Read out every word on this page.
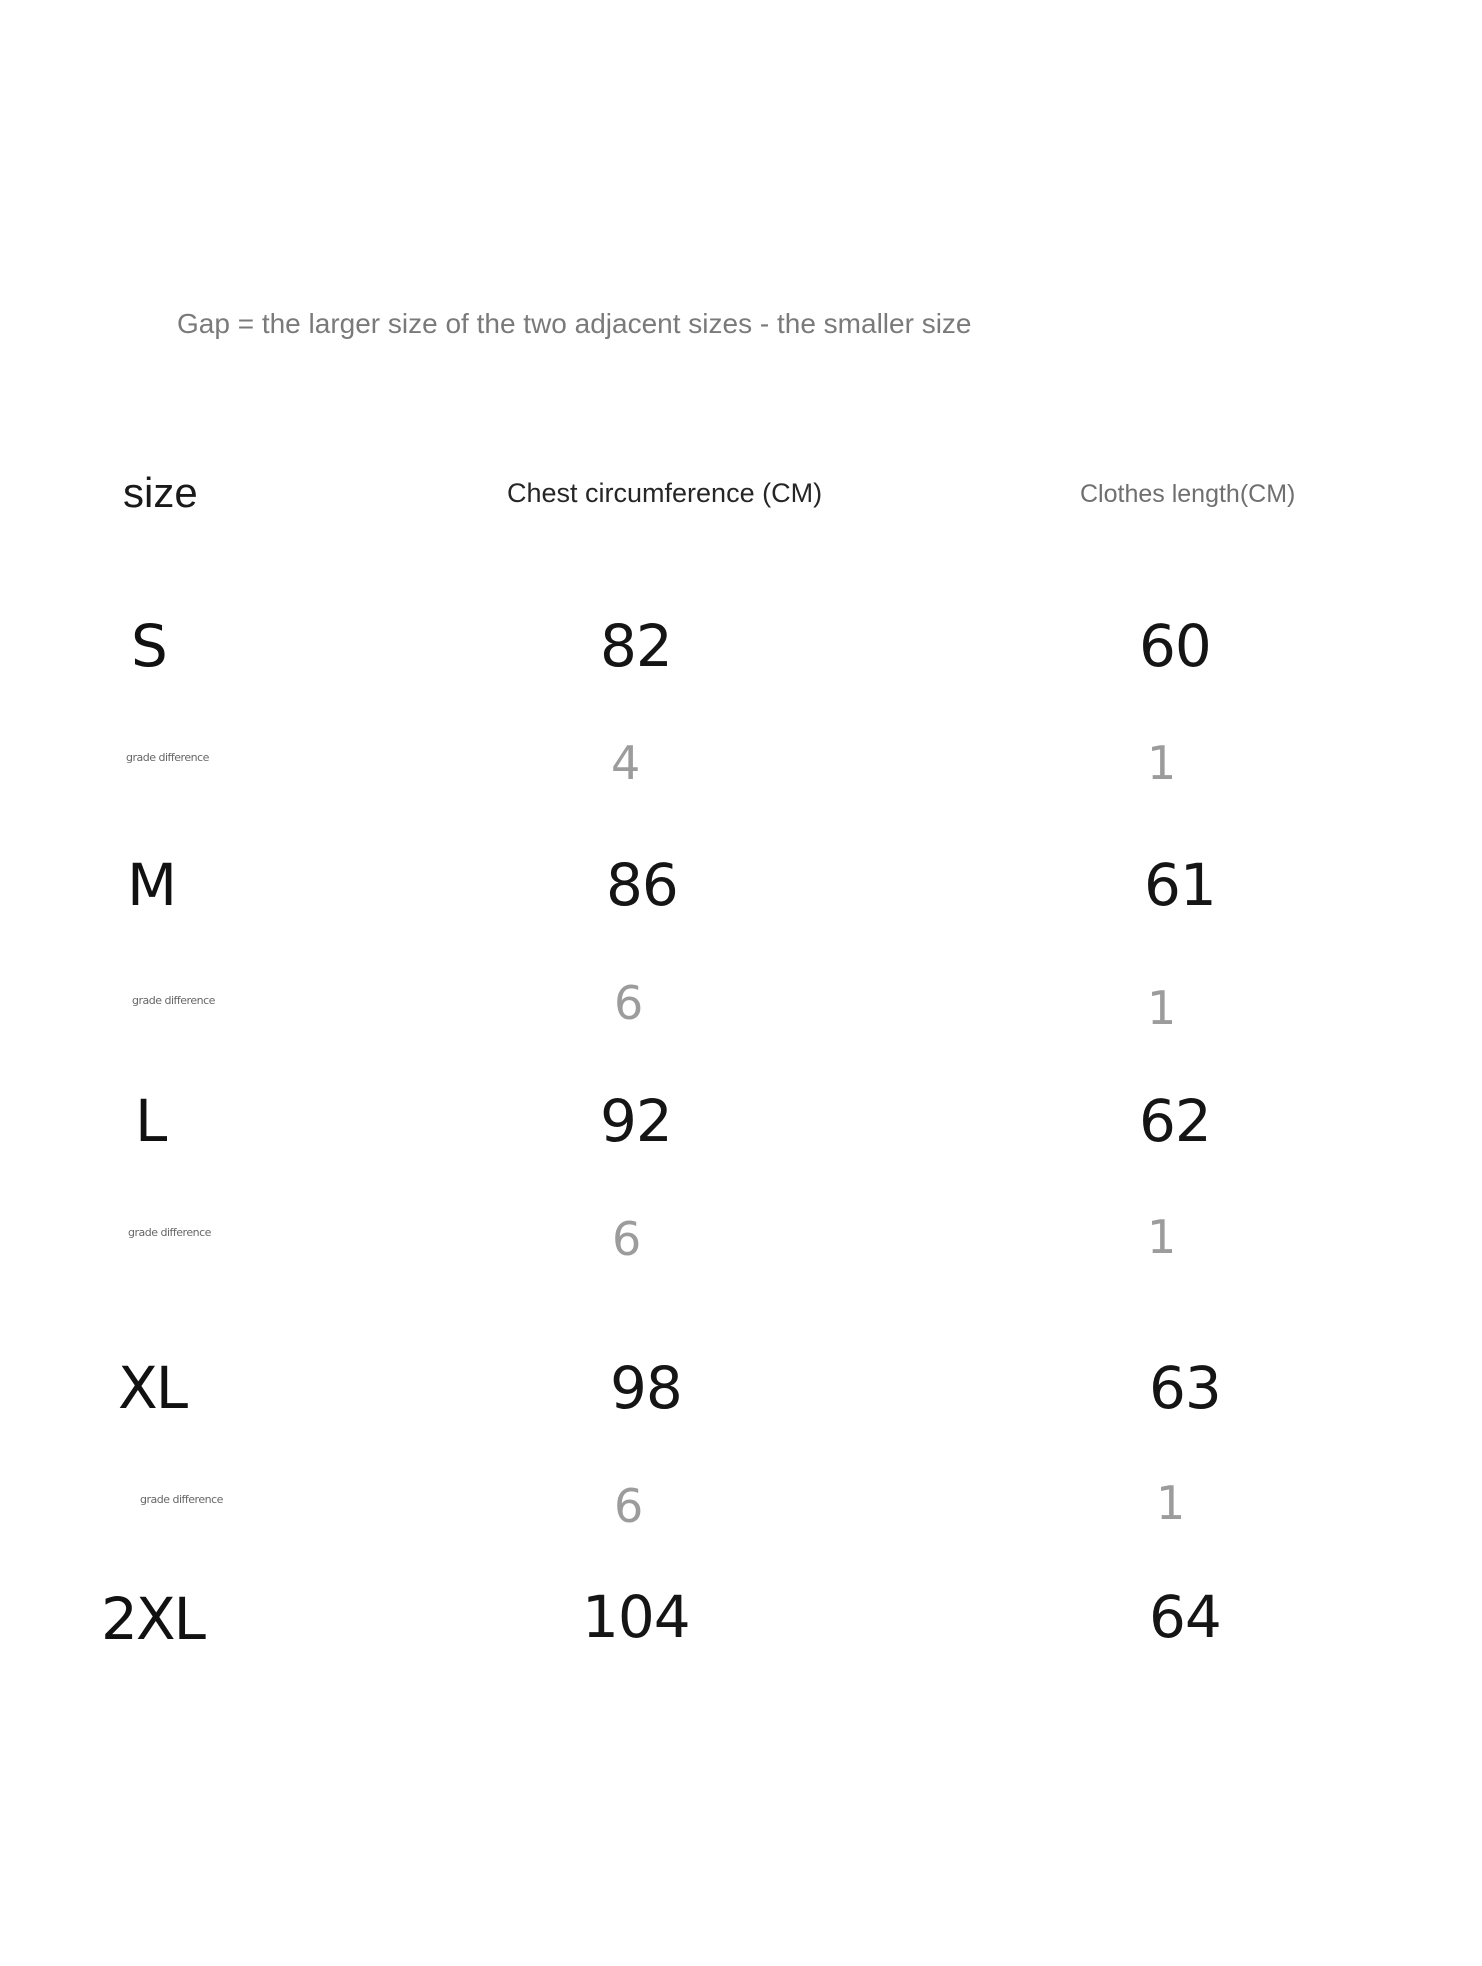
Gap = the larger size of the two adjacent sizes - the smaller size
size	Chest circumference (CM)	Clothes length(CM)
S	82	60
grade difference	4	1
M	86	61
grade difference	6	1
L	92	62
grade difference	6	1
XL	98	63
grade difference	6	1
2XL	104	64
